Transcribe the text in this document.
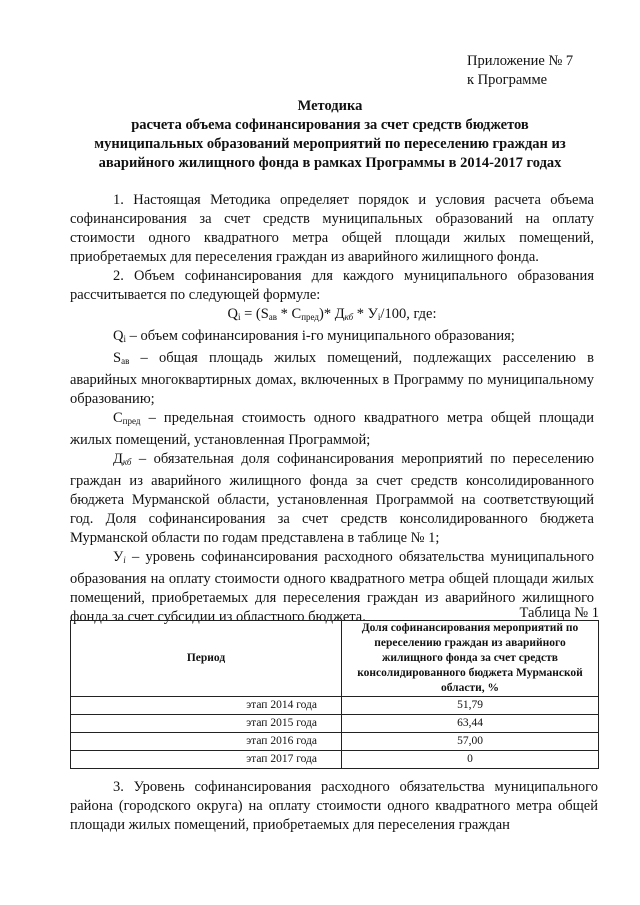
Приложение № 7
к Программе
Методика
расчета объема софинансирования за счет средств бюджетов
муниципальных образований мероприятий по переселению граждан из
аварийного жилищного фонда в рамках Программы в 2014-2017 годах

1. Настоящая Методика определяет порядок и условия расчета объема софинансирования за счет средств муниципальных образований на оплату стоимости одного квадратного метра общей площади жилых помещений, приобретаемых для переселения граждан из аварийного жилищного фонда.

2. Объем софинансирования для каждого муниципального образования рассчитывается по следующей формуле:

$Q_i = (S_{ав} * C_{пред})*$ $Д_{кб} * У_i/100$, где:

$Q_i$ – объем софинансирования i-го муниципального образования;

$S_{ав}$ – общая площадь жилых помещений, подлежащих расселению в аварийных многоквартирных домах, включенных в Программу по муниципальному образованию;

$С_{пред}$ – предельная стоимость одного квадратного метра общей площади жилых помещений, установленная Программой;

$Д_{кб}$ – обязательная доля софинансирования мероприятий по переселению граждан из аварийного жилищного фонда за счет средств консолидированного бюджета Мурманской области, установленная Программой на соответствующий год. Доля софинансирования за счет средств консолидированного бюджета Мурманской области по годам представлена в таблице № 1;

$У_i$ – уровень софинансирования расходного обязательства муниципального образования на оплату стоимости одного квадратного метра общей площади жилых помещений, приобретаемых для переселения граждан из аварийного жилищного фонда за счет субсидии из областного бюджета.	Таблица № 1
Период	Доля софинансирования мероприятий по переселению граждан из аварийного жилищного фонда за счет средств консолидированного бюджета Мурманской области, %
этап 2014 года	51,79
этап 2015 года	63,44
этап 2016 года	57,00
этап 2017 года	0

3. Уровень софинансирования расходного обязательства муниципального района (городского округа) на оплату стоимости одного квадратного метра общей площади жилых помещений, приобретаемых для переселения граждан
